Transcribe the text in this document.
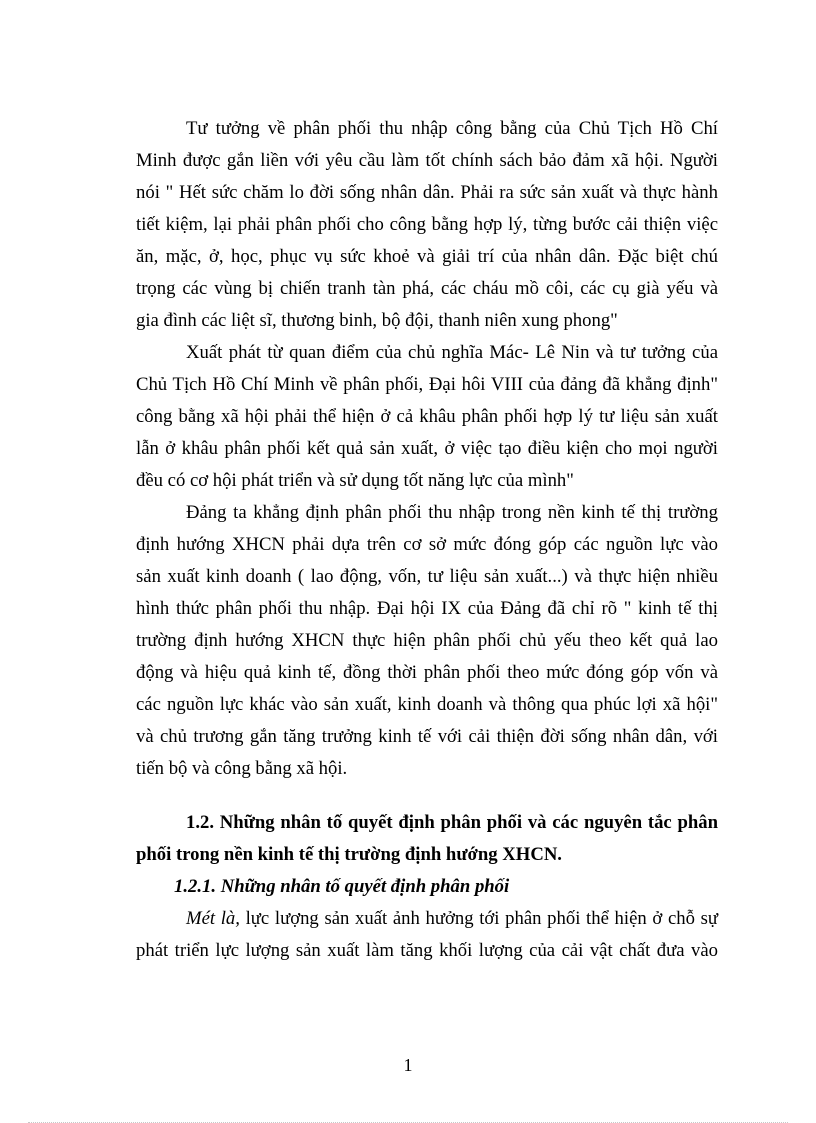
Tư tưởng về phân phối thu nhập công bằng của Chủ Tịch Hồ Chí
Minh được gắn liền với yêu cầu làm tốt chính sách bảo đảm xã hội. Người
nói " Hết sức chăm lo đời sống nhân dân. Phải ra sức sản xuất và thực hành
tiết kiệm, lại phải phân phối cho công bằng hợp lý, từng bước cải thiện việc
ăn, mặc, ở, học, phục vụ sức khoẻ và giải trí của nhân dân. Đặc biệt chú
trọng các vùng bị chiến tranh tàn phá, các cháu mồ côi, các cụ già yếu và
gia đình các liệt sĩ, thương binh, bộ đội, thanh niên xung phong"
Xuất phát từ quan điểm của chủ nghĩa Mác- Lê Nin và tư tưởng của
Chủ Tịch Hồ Chí Minh về phân phối, Đại hôi VIII của đảng đã khẳng định"
công bằng xã hội phải thể hiện ở cả khâu phân phối hợp lý tư liệu sản xuất
lẫn ở khâu phân phối kết quả sản xuất, ở việc tạo điều kiện cho mọi người
đều có cơ hội phát triển và sử dụng tốt năng lực của mình"
Đảng ta khẳng định phân phối thu nhập trong nền kinh tế thị trường
định hướng XHCN phải dựa trên cơ sở mức đóng góp các nguồn lực vào
sản xuất kinh doanh ( lao động, vốn, tư liệu sản xuất...) và thực hiện nhiều
hình thức phân phối thu nhập. Đại hội IX của Đảng đã chỉ rõ " kinh tế thị
trường định hướng XHCN thực hiện phân phối chủ yếu theo kết quả lao
động và hiệu quả kinh tế, đồng thời phân phối theo mức đóng góp vốn và
các nguồn lực khác vào sản xuất, kinh doanh và thông qua phúc lợi xã hội"
và chủ trương gắn tăng trưởng kinh tế với cải thiện đời sống nhân dân, với
tiến bộ và công bằng xã hội.
1.2. Những nhân tố quyết định phân phối và các nguyên tắc phân
phối trong nền kinh tế thị trường định hướng XHCN.
1.2.1. Những nhân tố quyết định phân phối
Mét là, lực lượng sản xuất ảnh hưởng tới phân phối thể hiện ở chỗ sự
phát triển lực lượng sản xuất làm tăng khối lượng của cải vật chất đưa vào
1
